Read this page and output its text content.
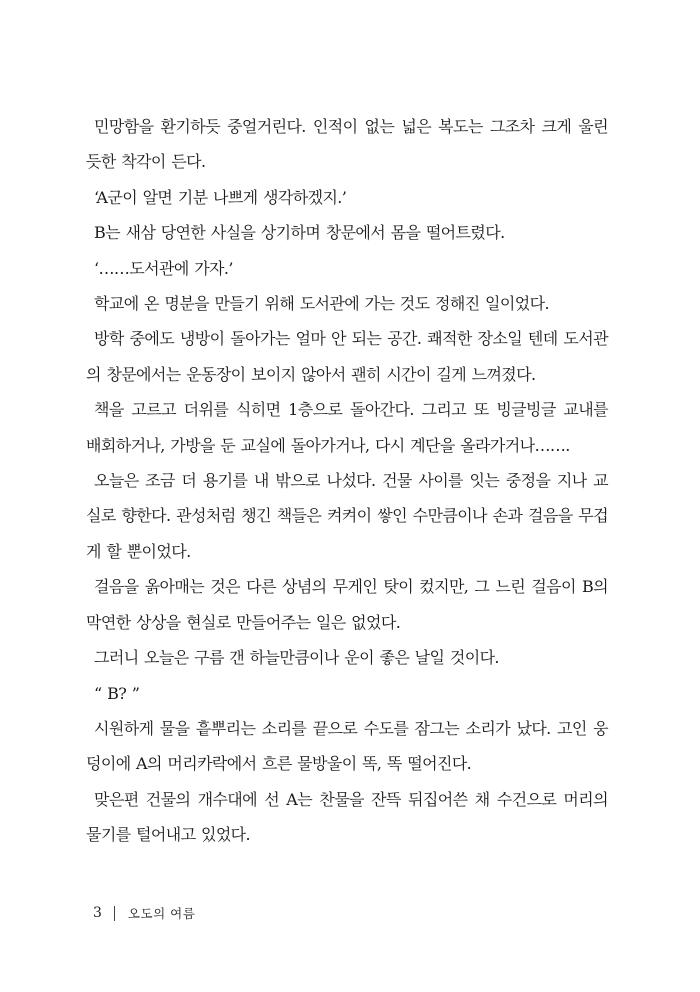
민망함을 환기하듯 중얼거린다. 인적이 없는 넓은 복도는 그조차 크게 울린 듯한 착각이 든다.

‘A군이 알면 기분 나쁘게 생각하겠지.’

B는 새삼 당연한 사실을 상기하며 창문에서 몸을 떨어트렸다.

‘……도서관에 가자.’

학교에 온 명분을 만들기 위해 도서관에 가는 것도 정해진 일이었다.

방학 중에도 냉방이 돌아가는 얼마 안 되는 공간. 쾌적한 장소일 텐데 도서관의 창문에서는 운동장이 보이지 않아서 괜히 시간이 길게 느껴졌다.

책을 고르고 더위를 식히면 1층으로 돌아간다. 그리고 또 빙글빙글 교내를 배회하거나, 가방을 둔 교실에 돌아가거나, 다시 계단을 올라가거나…….

오늘은 조금 더 용기를 내 밖으로 나섰다. 건물 사이를 잇는 중정을 지나 교실로 향한다. 관성처럼 챙긴 책들은 켜켜이 쌓인 수만큼이나 손과 걸음을 무겁게 할 뿐이었다.

걸음을 옭아매는 것은 다른 상념의 무게인 탓이 컸지만, 그 느린 걸음이 B의 막연한 상상을 현실로 만들어주는 일은 없었다.

그러니 오늘은 구름 갠 하늘만큼이나 운이 좋은 날일 것이다.

“ B? ”

시원하게 물을 흩뿌리는 소리를 끝으로 수도를 잠그는 소리가 났다. 고인 웅덩이에 A의 머리카락에서 흐른 물방울이 똑, 똑 떨어진다.

맞은편 건물의 개수대에 선 A는 찬물을 잔뜩 뒤집어쓴 채 수건으로 머리의 물기를 털어내고 있었다.

3 오도의 여름
